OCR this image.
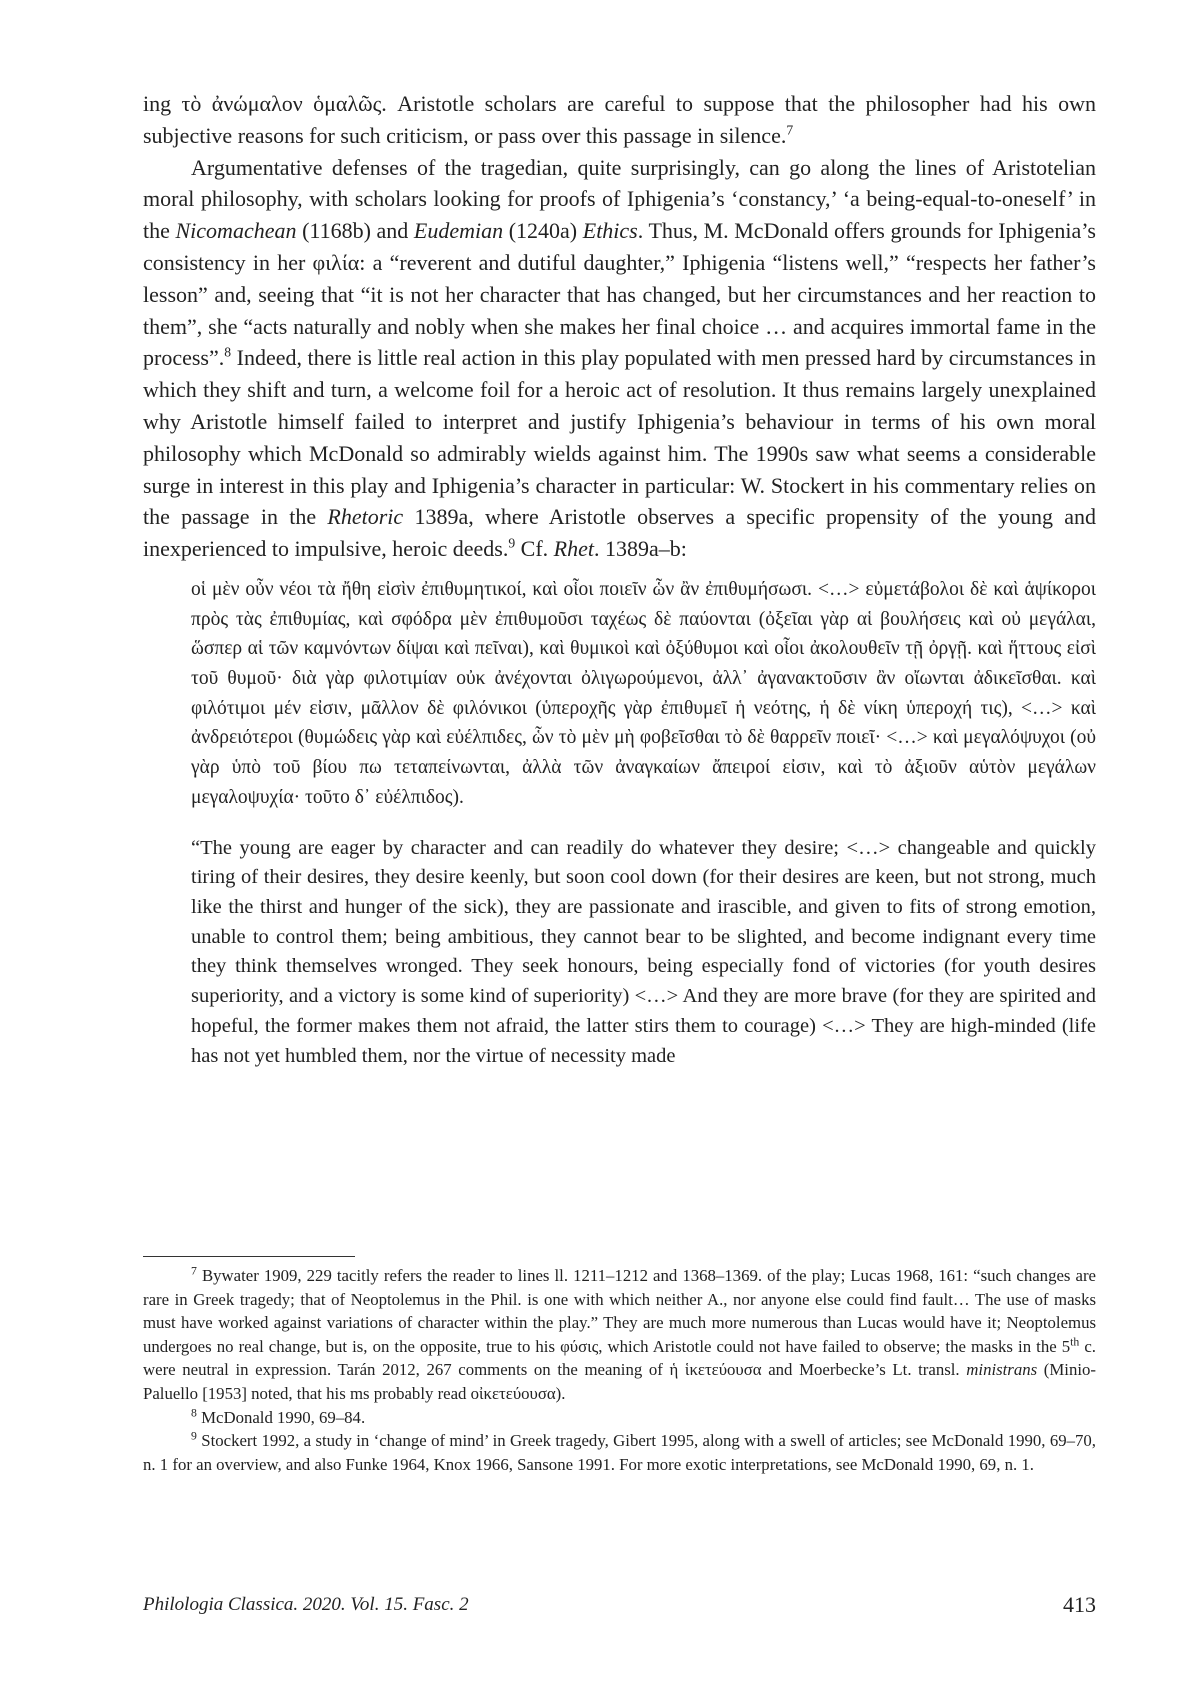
ing τὸ ἀνώμαλον ὁμαλῶς. Aristotle scholars are careful to suppose that the philosopher had his own subjective reasons for such criticism, or pass over this passage in silence.$^7$

Argumentative defenses of the tragedian, quite surprisingly, can go along the lines of Aristotelian moral philosophy, with scholars looking for proofs of Iphigenia’s ‘constancy,’ ‘a being-equal-to-oneself’ in the Nicomachean (1168b) and Eudemian (1240a) Ethics. Thus, M. McDonald offers grounds for Iphigenia’s consistency in her φιλία: a “reverent and dutiful daughter,” Iphigenia “listens well,” “respects her father’s lesson” and, seeing that “it is not her character that has changed, but her circumstances and her reaction to them”, she “acts naturally and nobly when she makes her final choice … and acquires immortal fame in the process”.$^8$ Indeed, there is little real action in this play populated with men pressed hard by circumstances in which they shift and turn, a welcome foil for a heroic act of resolution. It thus remains largely unexplained why Aristotle himself failed to interpret and justify Iphigenia’s behaviour in terms of his own moral philosophy which McDonald so admirably wields against him. The 1990s saw what seems a considerable surge in interest in this play and Iphigenia’s character in particular: W. Stockert in his commentary relies on the passage in the Rhetoric 1389a, where Aristotle observes a specific propensity of the young and inexperienced to impulsive, heroic deeds.$^9$ Cf. Rhet. 1389a–b:

οἱ μὲν οὖν νέοι τὰ ἤθη εἰσὶν ἐπιθυμητικοί, καὶ οἷοι ποιεῖν ὧν ἂν ἐπιθυμήσωσι. <…> εὐμετάβολοι δὲ καὶ ἁψίκοροι πρὸς τὰς ἐπιθυμίας, καὶ σφόδρα μὲν ἐπιθυμοῦσι ταχέως δὲ παύονται (ὀξεῖαι γὰρ αἱ βουλήσεις καὶ οὐ μεγάλαι, ὥσπερ αἱ τῶν καμνόντων δίψαι καὶ πεῖναι), καὶ θυμικοὶ καὶ ὀξύθυμοι καὶ οἷοι ἀκολουθεῖν τῇ ὀργῇ. καὶ ἥττους εἰσὶ τοῦ θυμοῦ· διὰ γὰρ φιλοτιμίαν οὐκ ἀνέχονται ὀλιγωρούμενοι, ἀλλ᾽ ἀγανακτοῦσιν ἂν οἴωνται ἀδικεῖσθαι. καὶ φιλότιμοι μέν εἰσιν, μᾶλλον δὲ φιλόνικοι (ὑπεροχῆς γὰρ ἐπιθυμεῖ ἡ νεότης, ἡ δὲ νίκη ὑπεροχή τις), <…> καὶ ἀνδρειότεροι (θυμώδεις γὰρ καὶ εὐέλπιδες, ὧν τὸ μὲν μὴ φοβεῖσθαι τὸ δὲ θαρρεῖν ποιεῖ· <…> καὶ μεγαλόψυχοι (οὐ γὰρ ὑπὸ τοῦ βίου πω τεταπείνωνται, ἀλλὰ τῶν ἀναγκαίων ἄπειροί εἰσιν, καὶ τὸ ἀξιοῦν αὑτὸν μεγάλων μεγαλοψυχία· τοῦτο δ᾽ εὐέλπιδος).
“The young are eager by character and can readily do whatever they desire; <…> changeable and quickly tiring of their desires, they desire keenly, but soon cool down (for their desires are keen, but not strong, much like the thirst and hunger of the sick), they are passionate and irascible, and given to fits of strong emotion, unable to control them; being ambitious, they cannot bear to be slighted, and become indignant every time they think themselves wronged. They seek honours, being especially fond of victories (for youth desires superiority, and a victory is some kind of superiority) <…> And they are more brave (for they are spirited and hopeful, the former makes them not afraid, the latter stirs them to courage) <…> They are high-minded (life has not yet humbled them, nor the virtue of necessity made

$^7$ Bywater 1909, 229 tacitly refers the reader to lines ll. 1211–1212 and 1368–1369. of the play; Lucas 1968, 161: “such changes are rare in Greek tragedy; that of Neoptolemus in the Phil. is one with which neither A., nor anyone else could find fault… The use of masks must have worked against variations of character within the play.” They are much more numerous than Lucas would have it; Neoptolemus undergoes no real change, but is, on the opposite, true to his φύσις, which Aristotle could not have failed to observe; the masks in the 5th c. were neutral in expression. Tarán 2012, 267 comments on the meaning of ἡ ἱκετεύουσα and Moerbecke’s Lt. transl. ministrans (Minio-Paluello [1953] noted, that his ms probably read οἰκετεύουσα).

$^8$ McDonald 1990, 69–84.

$^9$ Stockert 1992, a study in ‘change of mind’ in Greek tragedy, Gibert 1995, along with a swell of articles; see McDonald 1990, 69–70, n. 1 for an overview, and also Funke 1964, Knox 1966, Sansone 1991. For more exotic interpretations, see McDonald 1990, 69, n. 1.

Philologia Classica. 2020. Vol. 15. Fasc. 2	413
